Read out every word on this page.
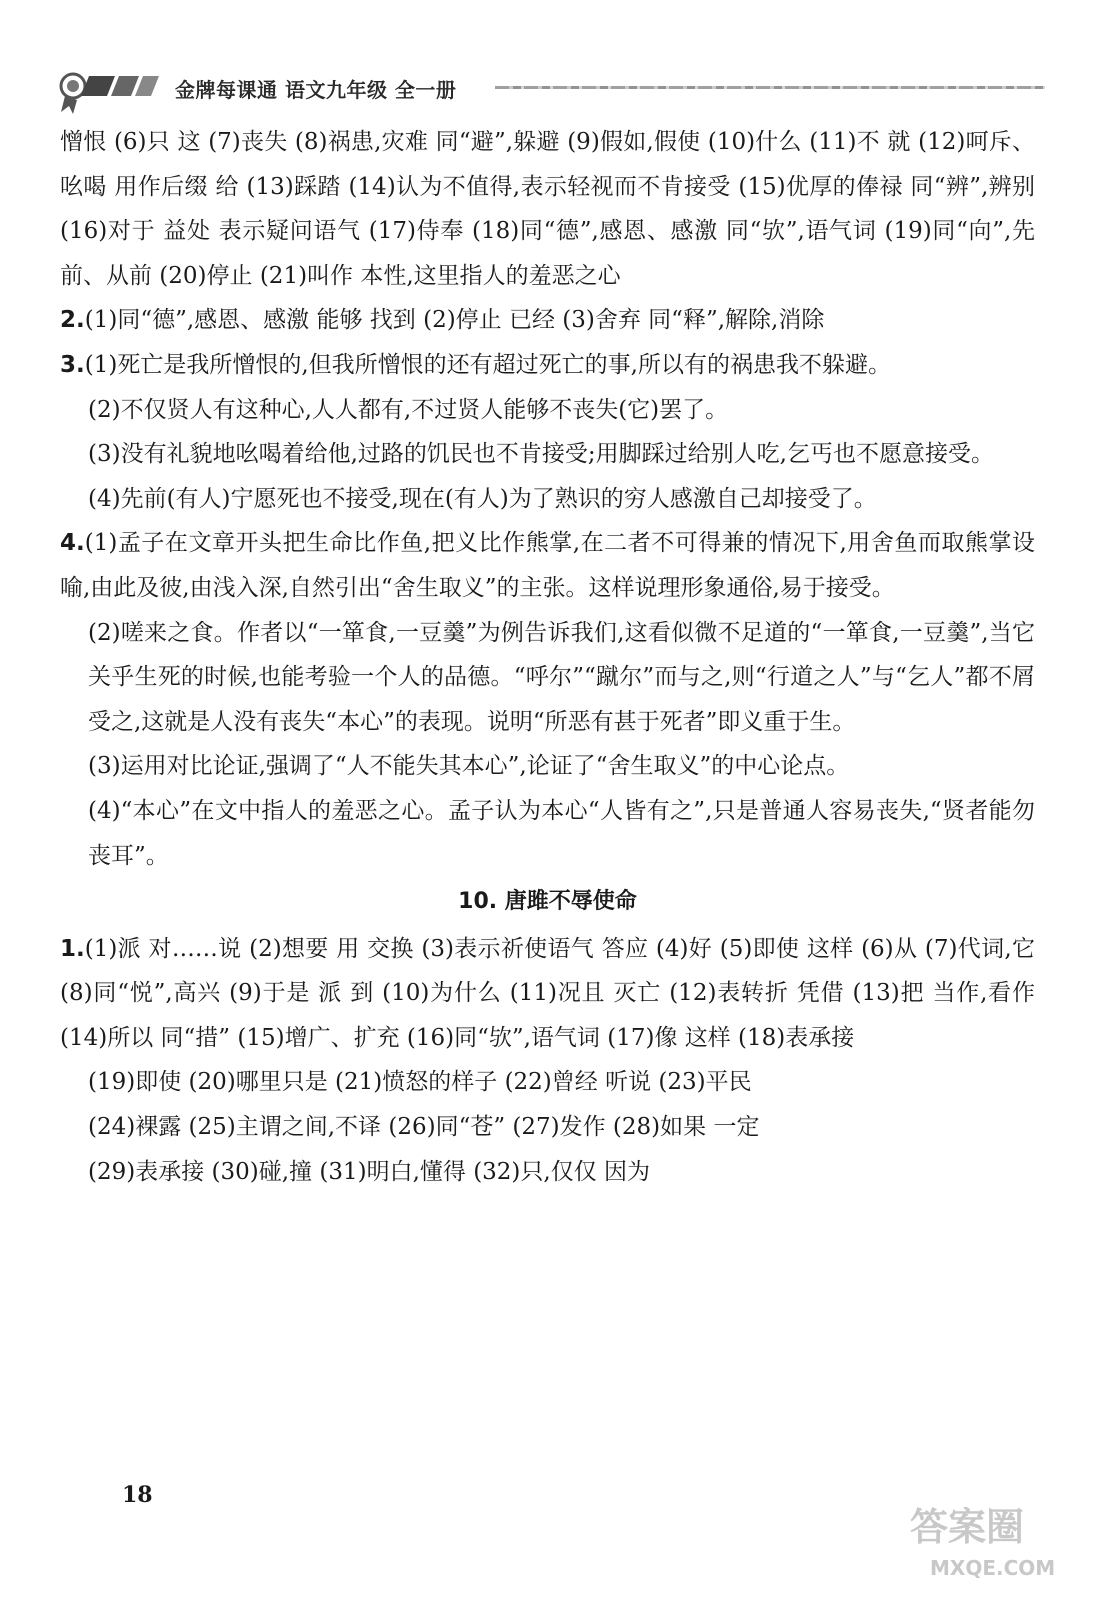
金牌每课通 语文九年级 全一册

憎恨 (6)只 这 (7)丧失 (8)祸患,灾难 同“避”,躲避 (9)假如,假使 (10)什么 (11)不 就 (12)呵斥、吆喝 用作后缀 给 (13)踩踏 (14)认为不值得,表示轻视而不肯接受 (15)优厚的俸禄 同“辨”,辨别 (16)对于 益处 表示疑问语气 (17)侍奉 (18)同“德”,感恩、感激 同“欤”,语气词 (19)同“向”,先前、从前 (20)停止 (21)叫作 本性,这里指人的羞恶之心

2.(1)同“德”,感恩、感激 能够 找到 (2)停止 已经 (3)舍弃 同“释”,解除,消除

3.(1)死亡是我所憎恨的,但我所憎恨的还有超过死亡的事,所以有的祸患我不躲避。

(2)不仅贤人有这种心,人人都有,不过贤人能够不丧失(它)罢了。

(3)没有礼貌地吆喝着给他,过路的饥民也不肯接受;用脚踩过给别人吃,乞丐也不愿意接受。

(4)先前(有人)宁愿死也不接受,现在(有人)为了熟识的穷人感激自己却接受了。

4.(1)孟子在文章开头把生命比作鱼,把义比作熊掌,在二者不可得兼的情况下,用舍鱼而取熊掌设喻,由此及彼,由浅入深,自然引出“舍生取义”的主张。这样说理形象通俗,易于接受。

(2)嗟来之食。作者以“一箪食,一豆羹”为例告诉我们,这看似微不足道的“一箪食,一豆羹”,当它关乎生死的时候,也能考验一个人的品德。“呼尔”“蹴尔”而与之,则“行道之人”与“乞人”都不屑受之,这就是人没有丧失“本心”的表现。说明“所恶有甚于死者”即义重于生。

(3)运用对比论证,强调了“人不能失其本心”,论证了“舍生取义”的中心论点。

(4)“本心”在文中指人的羞恶之心。孟子认为本心“人皆有之”,只是普通人容易丧失,“贤者能勿丧耳”。

10. 唐雎不辱使命

1.(1)派 对……说 (2)想要 用 交换 (3)表示祈使语气 答应 (4)好 (5)即使 这样 (6)从 (7)代词,它 (8)同“悦”,高兴 (9)于是 派 到 (10)为什么 (11)况且 灭亡 (12)表转折 凭借 (13)把 当作,看作 (14)所以 同“措” (15)增广、扩充 (16)同“欤”,语气词 (17)像 这样 (18)表承接

(19)即使 (20)哪里只是 (21)愤怒的样子 (22)曾经 听说 (23)平民

(24)裸露 (25)主谓之间,不译 (26)同“苍” (27)发作 (28)如果 一定

(29)表承接 (30)碰,撞 (31)明白,懂得 (32)只,仅仅 因为

18
答案圈
MXQE.COM
